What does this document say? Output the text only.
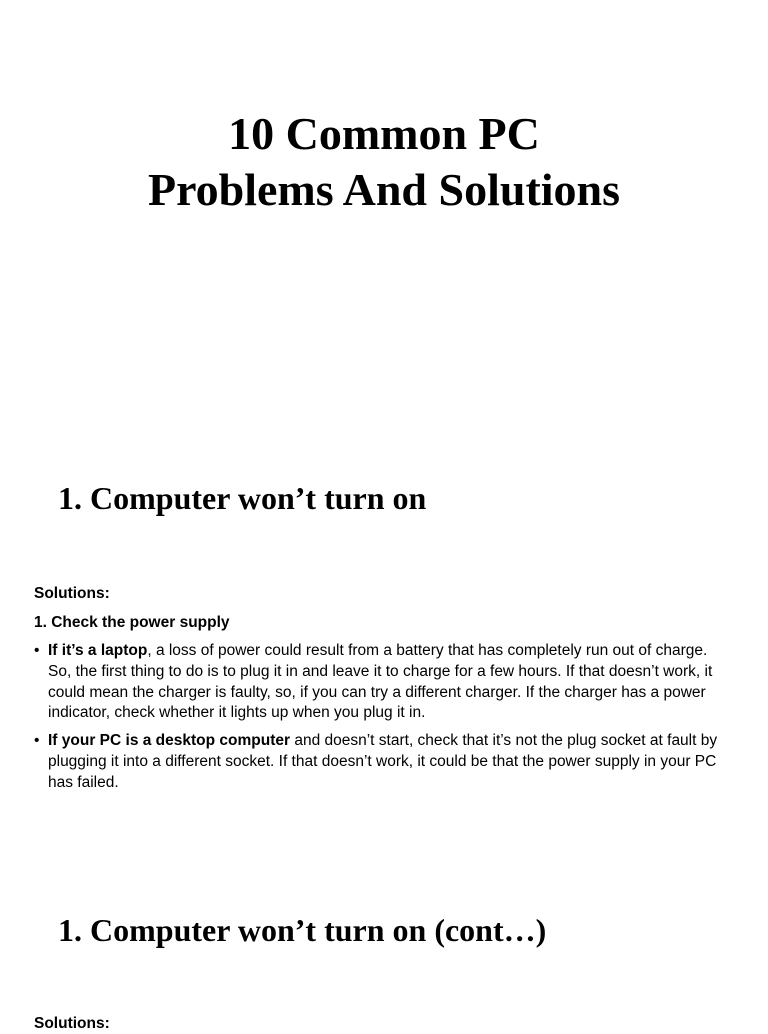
10 Common PC
Problems And Solutions
1. Computer won’t turn on

Solutions:

1. Check the power supply

• If it’s a laptop, a loss of power could result from a battery that has completely run out of charge. So, the first thing to do is to plug it in and leave it to charge for a few hours. If that doesn’t work, it could mean the charger is faulty, so, if you can try a different charger. If the charger has a power indicator, check whether it lights up when you plug it in.
• If your PC is a desktop computer and doesn’t start, check that it’s not the plug socket at fault by plugging it into a different socket. If that doesn’t work, it could be that the power supply in your PC has failed.
1. Computer won’t turn on (cont…)

Solutions:
